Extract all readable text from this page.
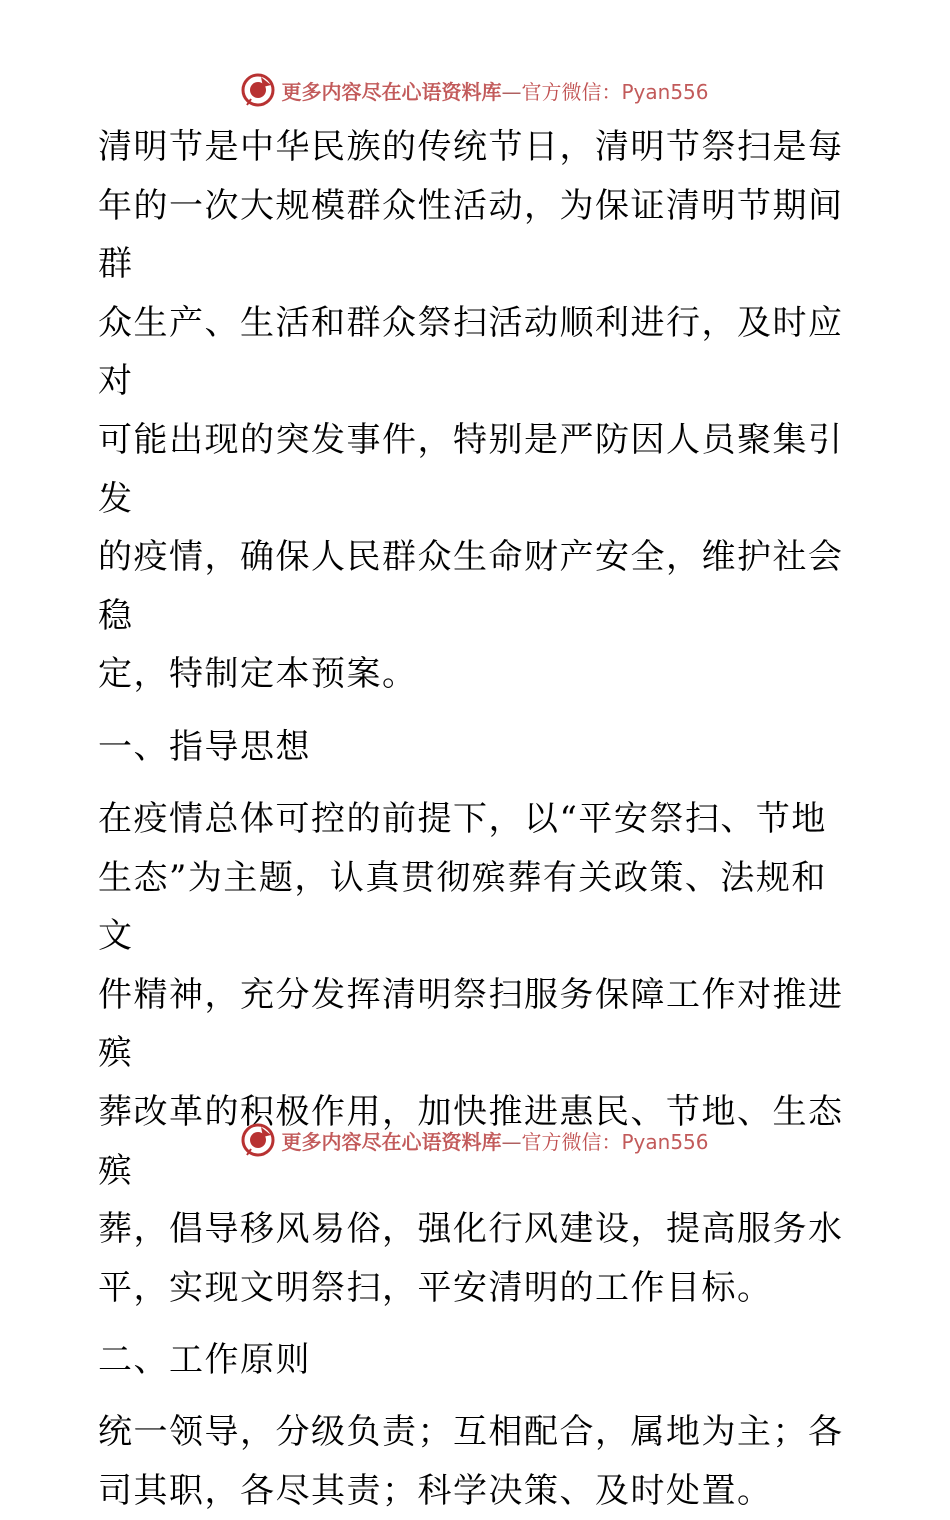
更多内容尽在心语资料库—官方微信：Pyan556

清明节是中华民族的传统节日，清明节祭扫是每

年的一次大规模群众性活动，为保证清明节期间群

众生产、生活和群众祭扫活动顺利进行，及时应对

可能出现的突发事件，特别是严防因人员聚集引发

的疫情，确保人民群众生命财产安全，维护社会稳

定，特制定本预案。

一、指导思想

在疫情总体可控的前提下，以“平安祭扫、节地

生态”为主题，认真贯彻殡葬有关政策、法规和文

件精神，充分发挥清明祭扫服务保障工作对推进殡

葬改革的积极作用，加快推进惠民、节地、生态殡

葬，倡导移风易俗，强化行风建设，提高服务水

平，实现文明祭扫，平安清明的工作目标。

二、工作原则

统一领导，分级负责；互相配合，属地为主；各

司其职，各尽其责；科学决策、及时处置。

更多内容尽在心语资料库—官方微信：Pyan556
